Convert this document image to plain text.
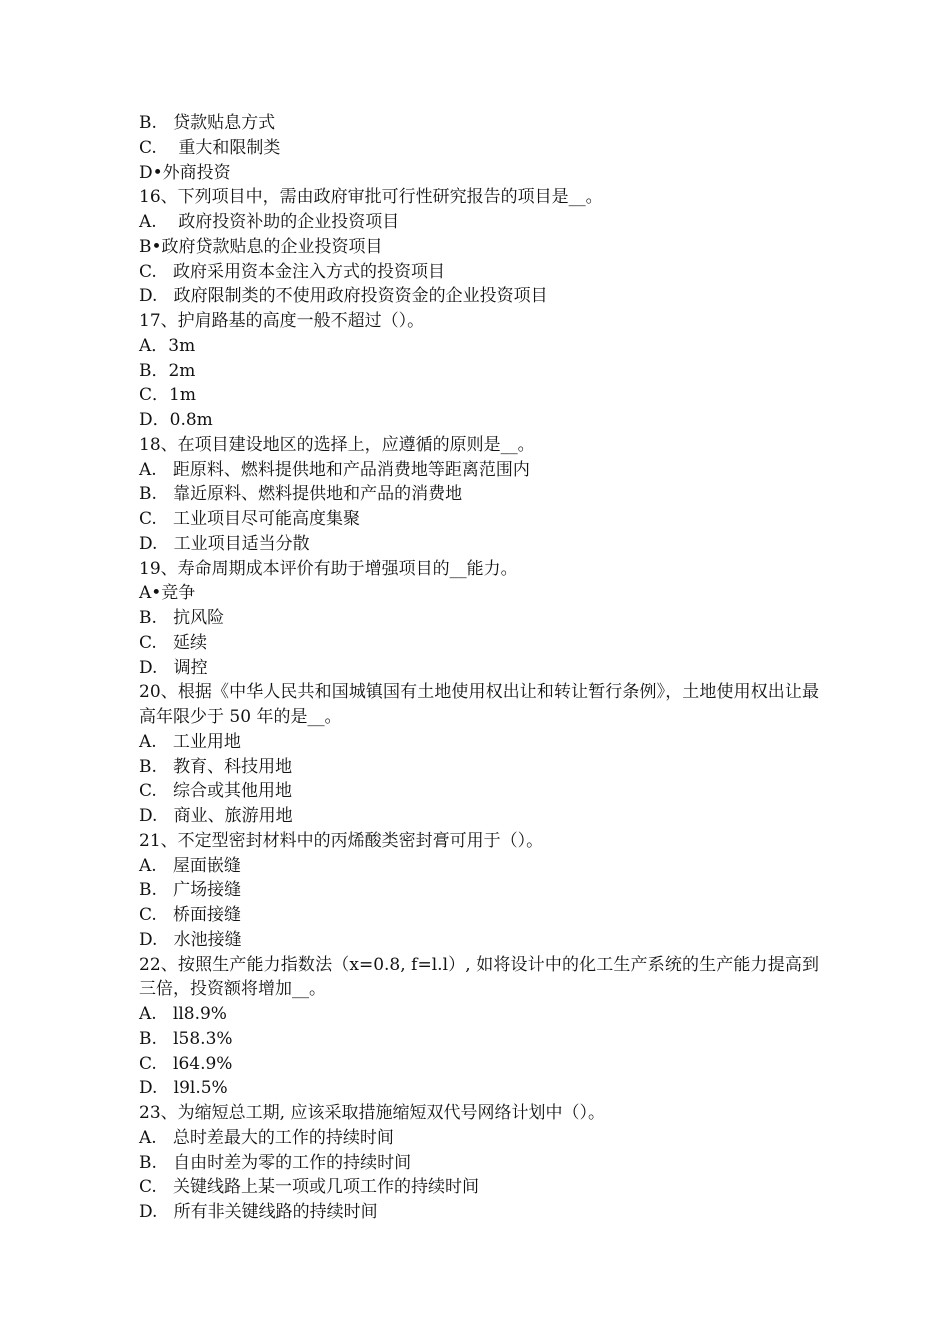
B.   贷款贴息方式
C.    重大和限制类
D•外商投资
16、下列项目中，需由政府审批可行性研究报告的项目是__。
A.    政府投资补助的企业投资项目
B•政府贷款贴息的企业投资项目
C.   政府采用资本金注入方式的投资项目
D.   政府限制类的不使用政府投资资金的企业投资项目
17、护肩路基的高度一般不超过（）。
A．3m
B．2m
C．1m
D．0.8m
18、在项目建设地区的选择上，应遵循的原则是__。
A.   距原料、燃料提供地和产品消费地等距离范围内
B.   靠近原料、燃料提供地和产品的消费地
C.   工业项目尽可能高度集聚
D.   工业项目适当分散
19、寿命周期成本评价有助于增强项目的__能力。
A•竞争
B.   抗风险
C.   延续
D.   调控
20、根据《中华人民共和国城镇国有土地使用权出让和转让暂行条例》，土地使用权出让最高年限少于 50 年的是__。
A.   工业用地
B.   教育、科技用地
C.   综合或其他用地
D.   商业、旅游用地
21、不定型密封材料中的丙烯酸类密封膏可用于（）。
A.   屋面嵌缝
B.   广场接缝
C.   桥面接缝
D.   水池接缝
22、按照生产能力指数法（x=0.8, f=l.l）, 如将设计中的化工生产系统的生产能力提高到三倍，投资额将增加__。
A.   ll8.9%
B.   l58.3%
C.   l64.9%
D.   l9l.5%
23、为缩短总工期, 应该采取措施缩短双代号网络计划中（）。
A.   总时差最大的工作的持续时间
B.   自由时差为零的工作的持续时间
C.   关键线路上某一项或几项工作的持续时间
D.   所有非关键线路的持续时间
